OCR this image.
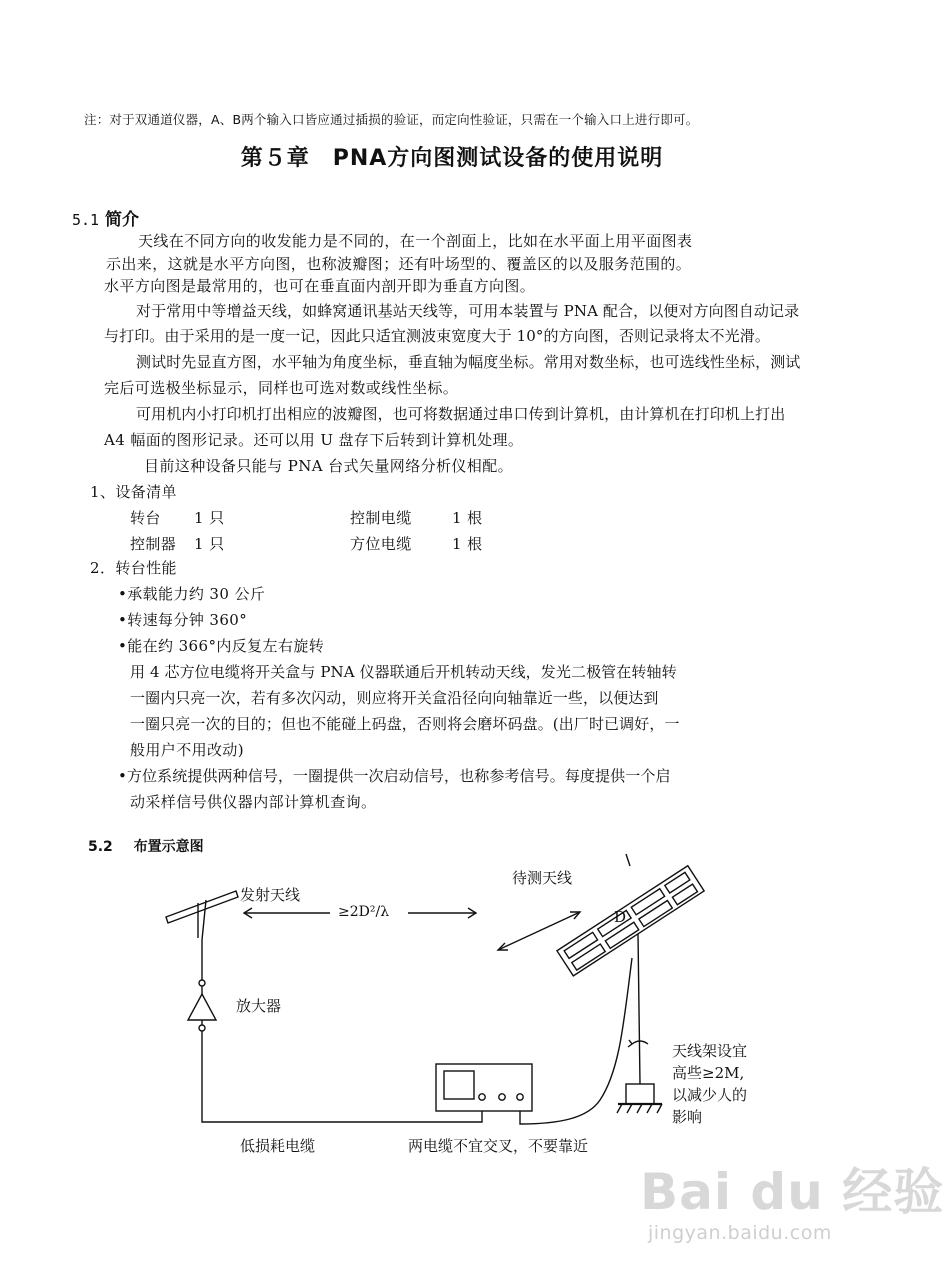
注：对于双通道仪器，A、B两个输入口皆应通过插损的验证，而定向性验证，只需在一个输入口上进行即可。
第５章　PNA方向图测试设备的使用说明
5.1 简介
天线在不同方向的收发能力是不同的，在一个剖面上，比如在水平面上用平面图表
示出来，这就是水平方向图，也称波瓣图；还有叶场型的、覆盖区的以及服务范围的。
水平方向图是最常用的，也可在垂直面内剖开即为垂直方向图。
对于常用中等增益天线，如蜂窝通讯基站天线等，可用本装置与 PNA 配合，以便对方向图自动记录
与打印。由于采用的是一度一记，因此只适宜测波束宽度大于 10°的方向图，否则记录将太不光滑。
测试时先显直方图，水平轴为角度坐标，垂直轴为幅度坐标。常用对数坐标，也可选线性坐标，测试
完后可选极坐标显示，同样也可选对数或线性坐标。
可用机内小打印机打出相应的波瓣图，也可将数据通过串口传到计算机，由计算机在打印机上打出
A4 幅面的图形记录。还可以用 U 盘存下后转到计算机处理。
目前这种设备只能与 PNA 台式矢量网络分析仪相配。
1、设备清单
转台 1 只	控制电缆	1 根
控制器 1 只	方位电缆	1 根
2．转台性能
•承载能力约 30 公斤
•转速每分钟 360°
•能在约 366°内反复左右旋转
用 4 芯方位电缆将开关盒与 PNA 仪器联通后开机转动天线，发光二极管在转轴转
一圈内只亮一次，若有多次闪动，则应将开关盒沿径向向轴靠近一些，以便达到
一圈只亮一次的目的；但也不能碰上码盘，否则将会磨坏码盘。(出厂时已调好，一
般用户不用改动)
•方位系统提供两种信号，一圈提供一次启动信号，也称参考信号。每度提供一个启
动采样信号供仪器内部计算机查询。
5.2 布置示意图
发射天线
≥2D²/λ
待测天线
D
放大器
天线架设宜
高些≥2M,
以减少人的
影响
低损耗电缆	两电缆不宜交叉，不要靠近
Bai du 经验
jingyan.baidu.com
